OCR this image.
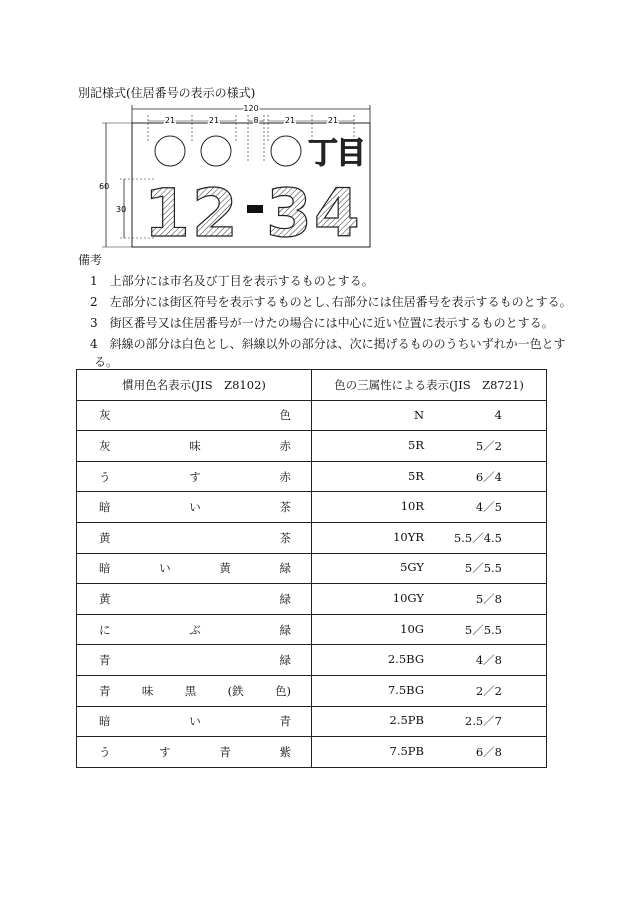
別記様式(住居番号の表示の様式)
120
21	21	8	21	21
丁
目
60
30 12 34
備考
1　 上部分には市名及び丁目を表示するものとする。
2　 左部分には街区符号を表示するものとし､右部分には住居番号を表示するものとする。
3　 街区番号又は住居番号が一けたの場合には中心に近い位置に表示するものとする。
4　 斜線の部分は白色とし、斜線以外の部分は、次に掲げるもののうちいずれか一色とす
る。
慣用色名表示(JIS　Z8102)	色の三属性による表示(JIS　Z8721)

灰 色	N 4

灰 味 赤	5R 5／2

う す 赤	5R 6／4

暗 い 茶	10R 4／5

黄 茶	10YR 5.5／4.5

暗 い 黄 緑	5GY 5／5.5

黄 緑	10GY 5／8

に ぶ 緑	10G 5／5.5

青 緑	2.5BG 4／8

青 味 黒 (鉄 色)	7.5BG 2／2

暗 い 青	2.5PB 2.5／7

う す 青 紫	7.5PB 6／8
